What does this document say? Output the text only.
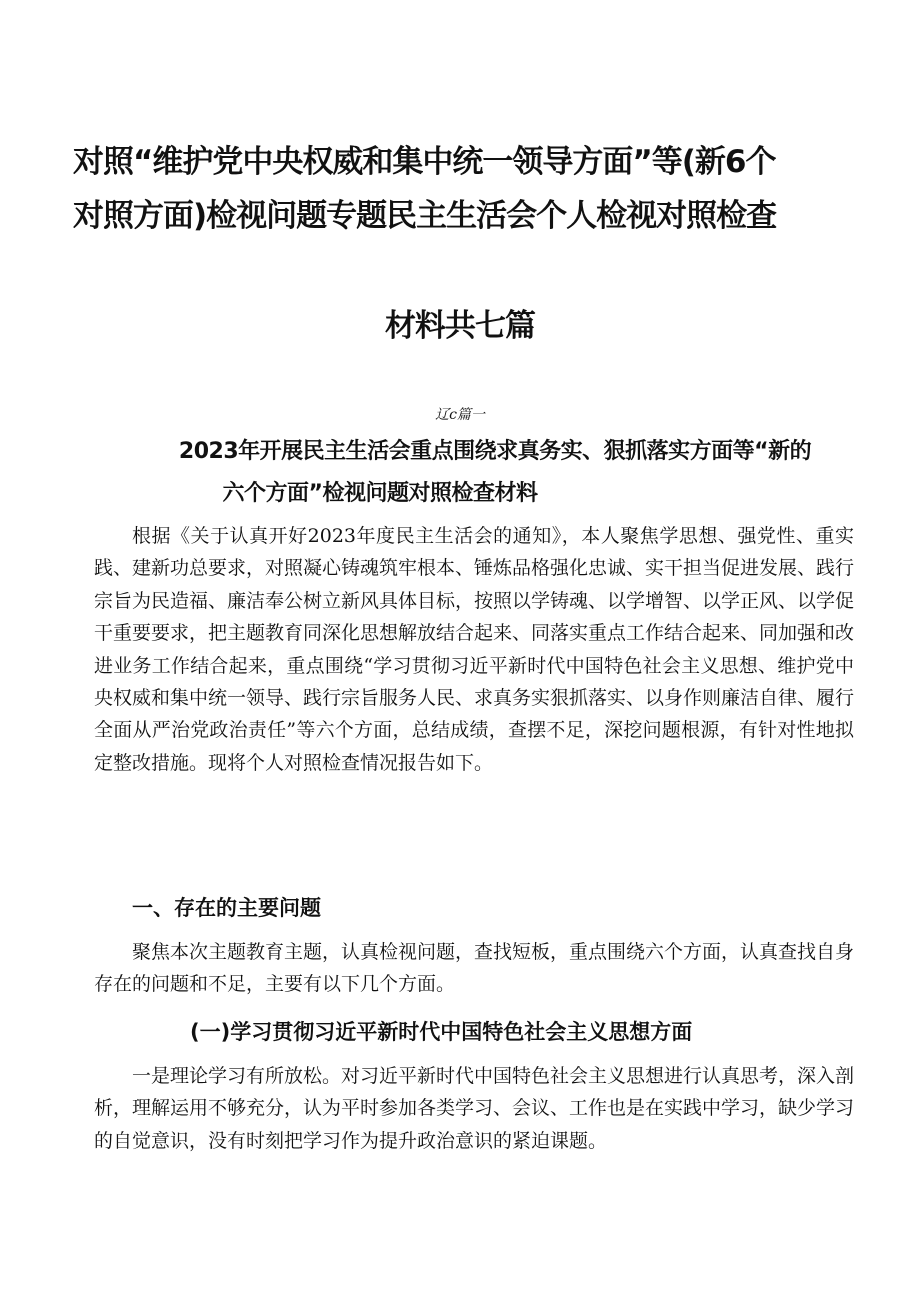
对照“维护党中央权威和集中统一领导方面”等(新6个
对照方面)检视问题专题民主生活会个人检视对照检查
材料共七篇
辽c篇一
2023年开展民主生活会重点围绕求真务实、狠抓落实方面等“新的
六个方面”检视问题对照检查材料
根据《关于认真开好2023年度民主生活会的通知》，本人聚焦学思想、强党性、重实践、建新功总要求，对照凝心铸魂筑牢根本、锤炼品格强化忠诚、实干担当促进发展、践行宗旨为民造福、廉洁奉公树立新风具体目标，按照以学铸魂、以学增智、以学正风、以学促干重要要求，把主题教育同深化思想解放结合起来、同落实重点工作结合起来、同加强和改进业务工作结合起来，重点围绕“学习贯彻习近平新时代中国特色社会主义思想、维护党中央权威和集中统一领导、践行宗旨服务人民、求真务实狠抓落实、以身作则廉洁自律、履行全面从严治党政治责任”等六个方面，总结成绩，查摆不足，深挖问题根源，有针对性地拟定整改措施。现将个人对照检查情况报告如下。
一、存在的主要问题
聚焦本次主题教育主题，认真检视问题，查找短板，重点围绕六个方面，认真查找自身存在的问题和不足，主要有以下几个方面。
(一)学习贯彻习近平新时代中国特色社会主义思想方面
一是理论学习有所放松。对习近平新时代中国特色社会主义思想进行认真思考，深入剖析，理解运用不够充分，认为平时参加各类学习、会议、工作也是在实践中学习，缺少学习的自觉意识，没有时刻把学习作为提升政治意识的紧迫课题。
